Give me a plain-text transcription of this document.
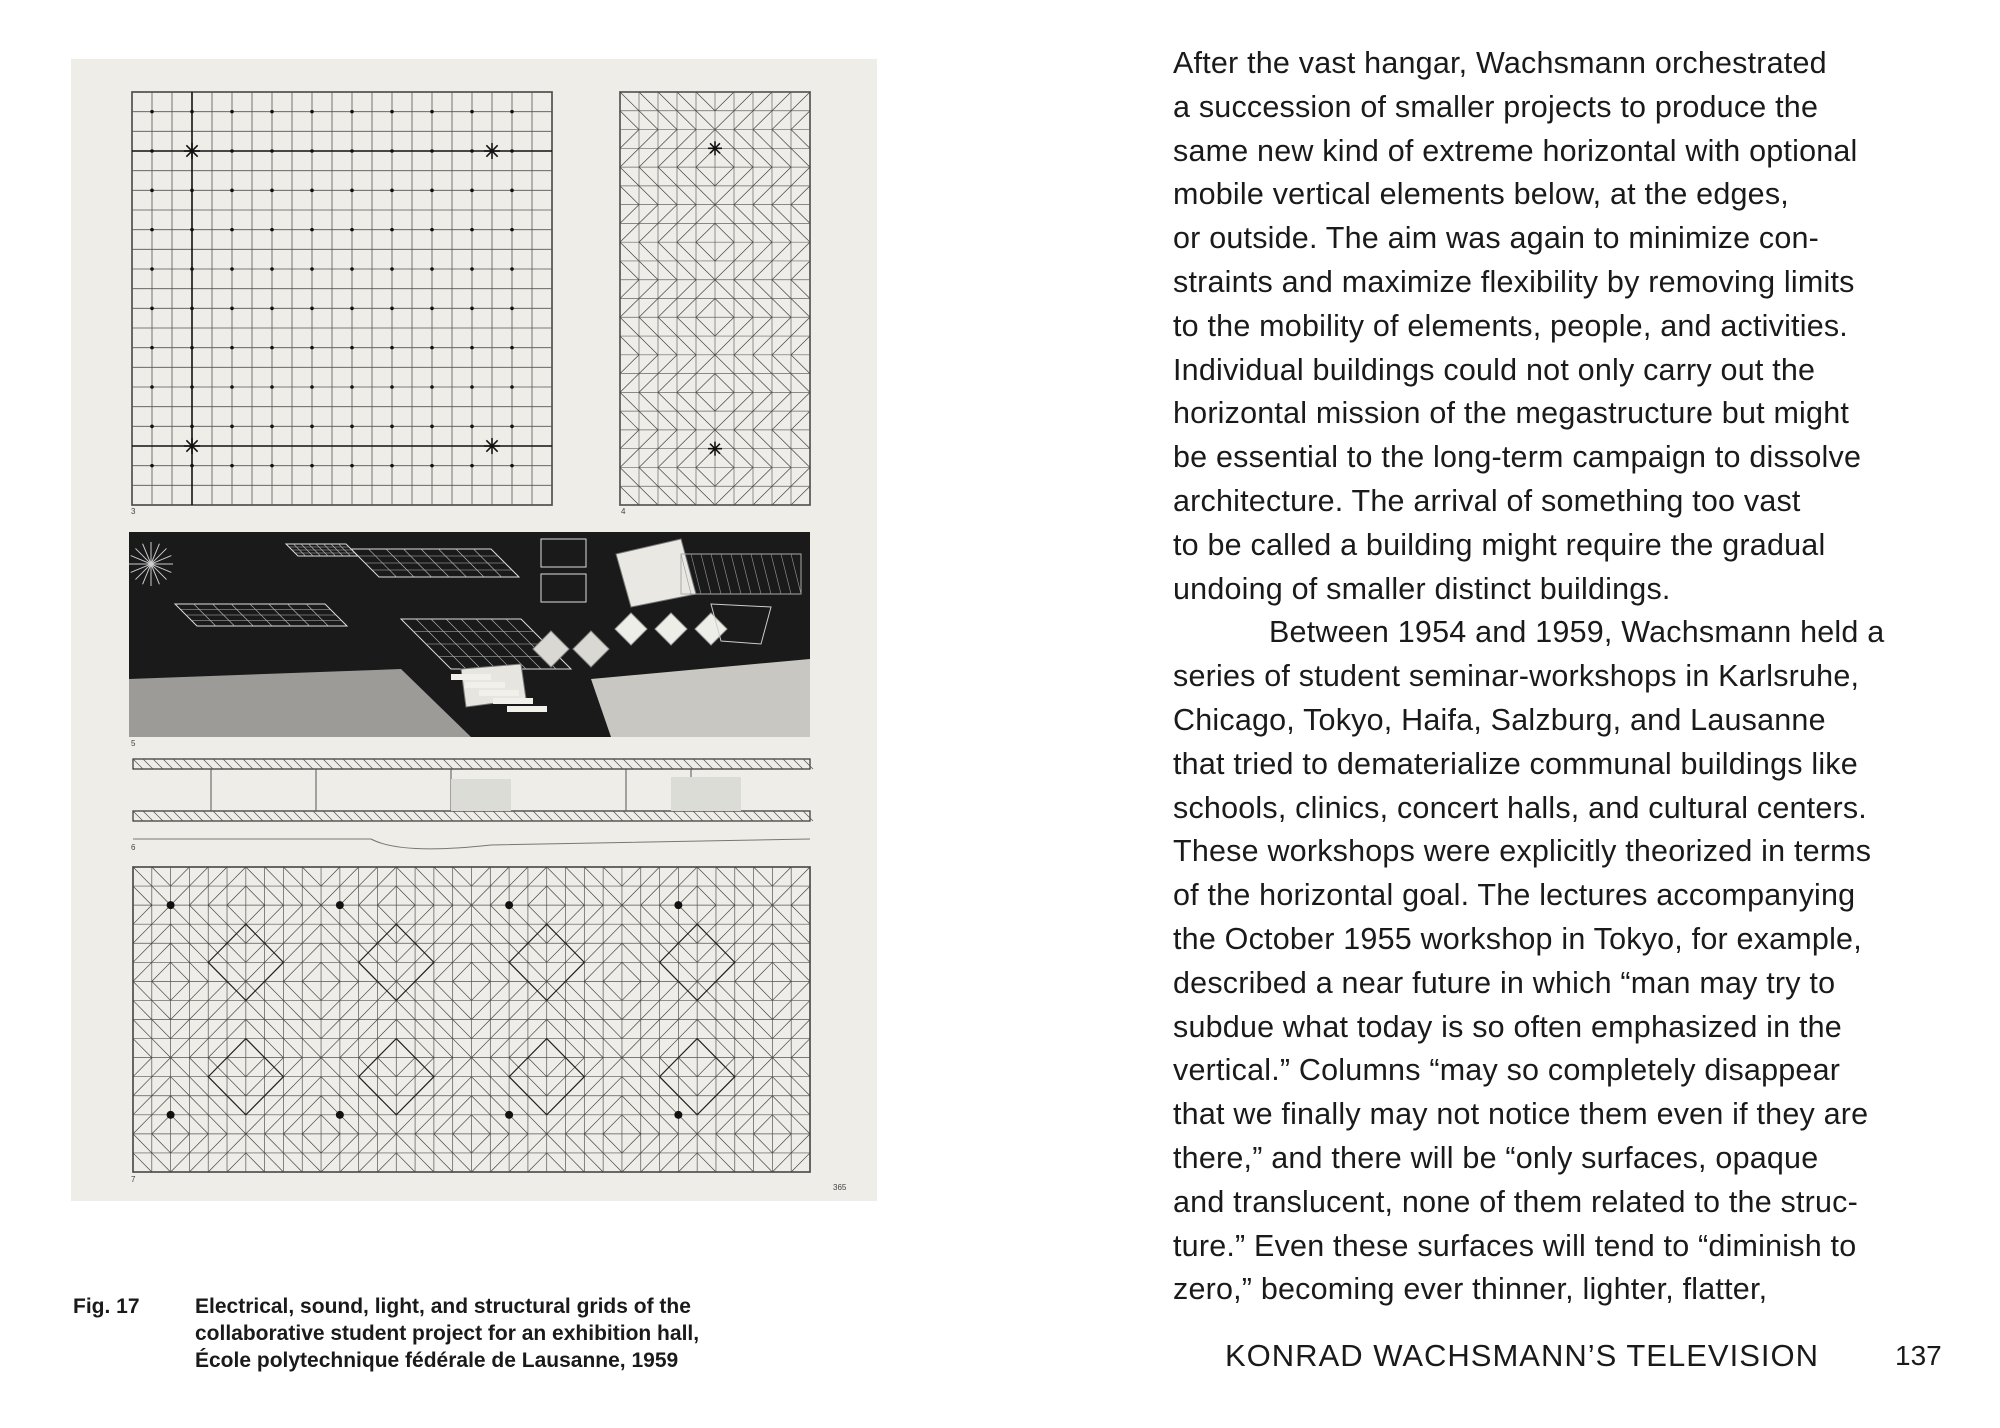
3	4
5
6
7
365
Fig. 17	Electrical, sound, light, and structural grids of the
collaborative student project for an exhibition hall,
École polytechnique fédérale de Lausanne, 1959
After the vast hangar, Wachsmann orchestrated
a succession of smaller projects to produce the
same new kind of extreme horizontal with optional
mobile vertical elements below, at the edges,
or outside. The aim was again to minimize con-
straints and maximize flexibility by removing limits
to the mobility of elements, people, and activities.
Individual buildings could not only carry out the
horizontal mission of the megastructure but might
be essential to the long-term campaign to dissolve
architecture. The arrival of something too vast
to be called a building might require the gradual
undoing of smaller distinct buildings.
Between 1954 and 1959, Wachsmann held a
series of student seminar-workshops in Karlsruhe,
Chicago, Tokyo, Haifa, Salzburg, and Lausanne
that tried to dematerialize communal buildings like
schools, clinics, concert halls, and cultural centers.
These workshops were explicitly theorized in terms
of the horizontal goal. The lectures accompanying
the October 1955 workshop in Tokyo, for example,
described a near future in which “man may try to
subdue what today is so often emphasized in the
vertical.” Columns “may so completely disappear
that we finally may not notice them even if they are
there,” and there will be “only surfaces, opaque
and translucent, none of them related to the struc-
ture.” Even these surfaces will tend to “diminish to
zero,” becoming ever thinner, lighter, flatter,
KONRAD WACHSMANN’S TELEVISION	137
